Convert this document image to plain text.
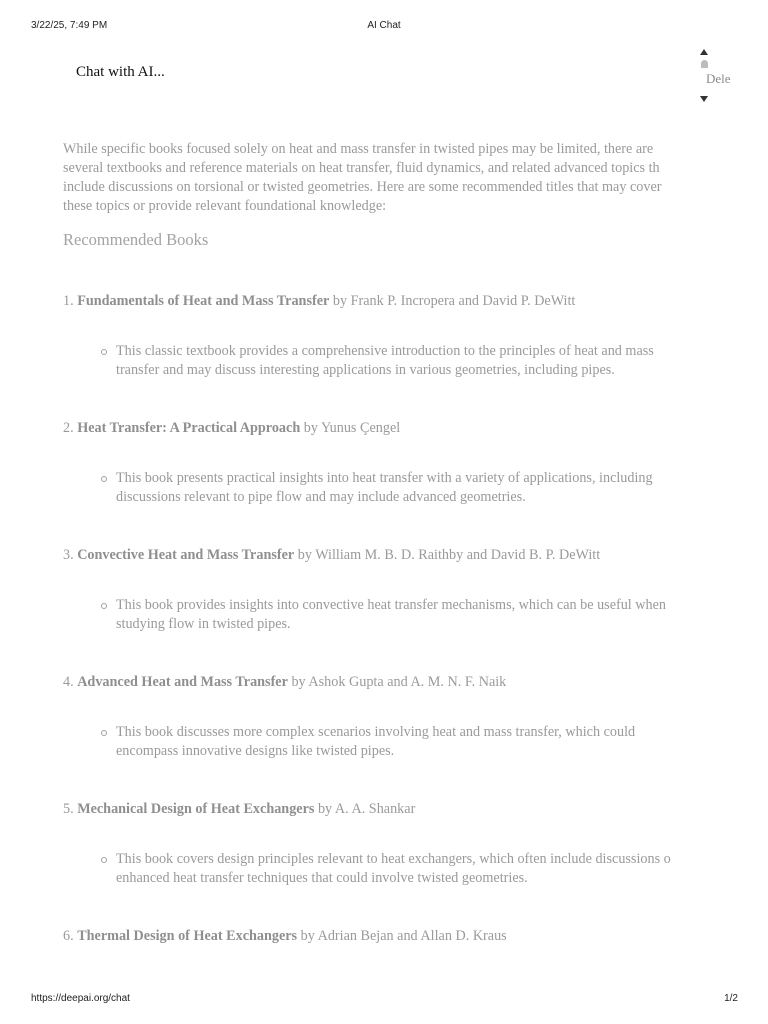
3/22/25, 7:49 PM	AI Chat
Chat with AI...	Dele

While specific books focused solely on heat and mass transfer in twisted pipes may be limited, there are
several textbooks and reference materials on heat transfer, fluid dynamics, and related advanced topics th
include discussions on torsional or twisted geometries. Here are some recommended titles that may cover
these topics or provide relevant foundational knowledge:

Recommended Books
1. Fundamentals of Heat and Mass Transfer by Frank P. Incropera and David P. DeWitt
This classic textbook provides a comprehensive introduction to the principles of heat and mass
transfer and may discuss interesting applications in various geometries, including pipes.
2. Heat Transfer: A Practical Approach by Yunus Çengel
This book presents practical insights into heat transfer with a variety of applications, including
discussions relevant to pipe flow and may include advanced geometries.
3. Convective Heat and Mass Transfer by William M. B. D. Raithby and David B. P. DeWitt
This book provides insights into convective heat transfer mechanisms, which can be useful when
studying flow in twisted pipes.
4. Advanced Heat and Mass Transfer by Ashok Gupta and A. M. N. F. Naik
This book discusses more complex scenarios involving heat and mass transfer, which could
encompass innovative designs like twisted pipes.
5. Mechanical Design of Heat Exchangers by A. A. Shankar
This book covers design principles relevant to heat exchangers, which often include discussions o
enhanced heat transfer techniques that could involve twisted geometries.
6. Thermal Design of Heat Exchangers by Adrian Bejan and Allan D. Kraus
https://deepai.org/chat	1/2
